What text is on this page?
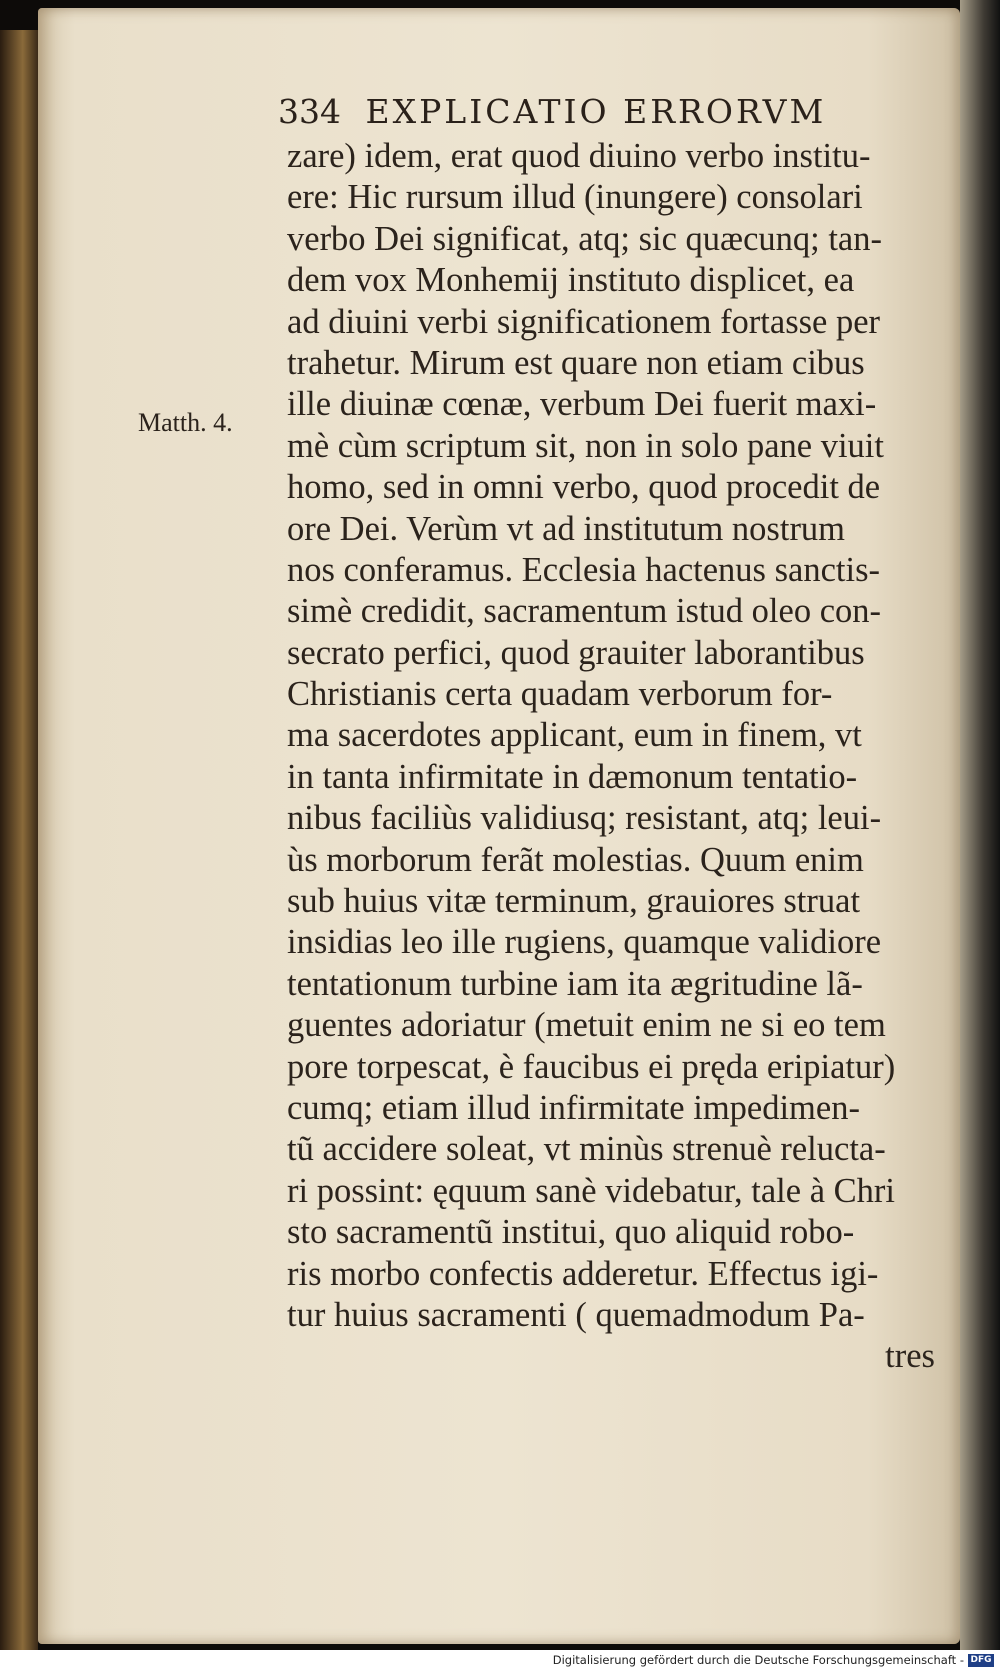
334 EXPLICATIO ERRORVM
Matth. 4.
zare) idem, erat quod diuino verbo institu-
ere: Hic rursum illud (inungere) consolari
verbo Dei significat, atq; sic quæcunq; tan-
dem vox Monhemij instituto displicet, ea
ad diuini verbi significationem fortasse per
trahetur. Mirum est quare non etiam cibus
ille diuinæ cœnæ, verbum Dei fuerit maxi-
mè cùm scriptum sit, non in solo pane viuit
homo, sed in omni verbo, quod procedit de
ore Dei. Verùm vt ad institutum nostrum
nos conferamus. Ecclesia hactenus sanctis-
simè credidit, sacramentum istud oleo con-
secrato perfici, quod grauiter laborantibus
Christianis certa quadam verborum for-
ma sacerdotes applicant, eum in finem, vt
in tanta infirmitate in dæmonum tentatio-
nibus faciliùs validiusq; resistant, atq; leui-
ùs morborum ferãt molestias. Quum enim
sub huius vitæ terminum, grauiores struat
insidias leo ille rugiens, quamque validiore
tentationum turbine iam ita ægritudine lã-
guentes adoriatur (metuit enim ne si eo tem
pore torpescat, è faucibus ei pręda eripiatur)
cumq; etiam illud infirmitate impedimen-
tũ accidere soleat, vt minùs strenuè relucta-
ri possint: ęquum sanè videbatur, tale à Chri
sto sacramentũ institui, quo aliquid robo-
ris morbo confectis adderetur. Effectus igi-
tur huius sacramenti ( quemadmodum Pa-
tres
Digitalisierung gefördert durch die Deutsche Forschungsgemeinschaft - DFG
